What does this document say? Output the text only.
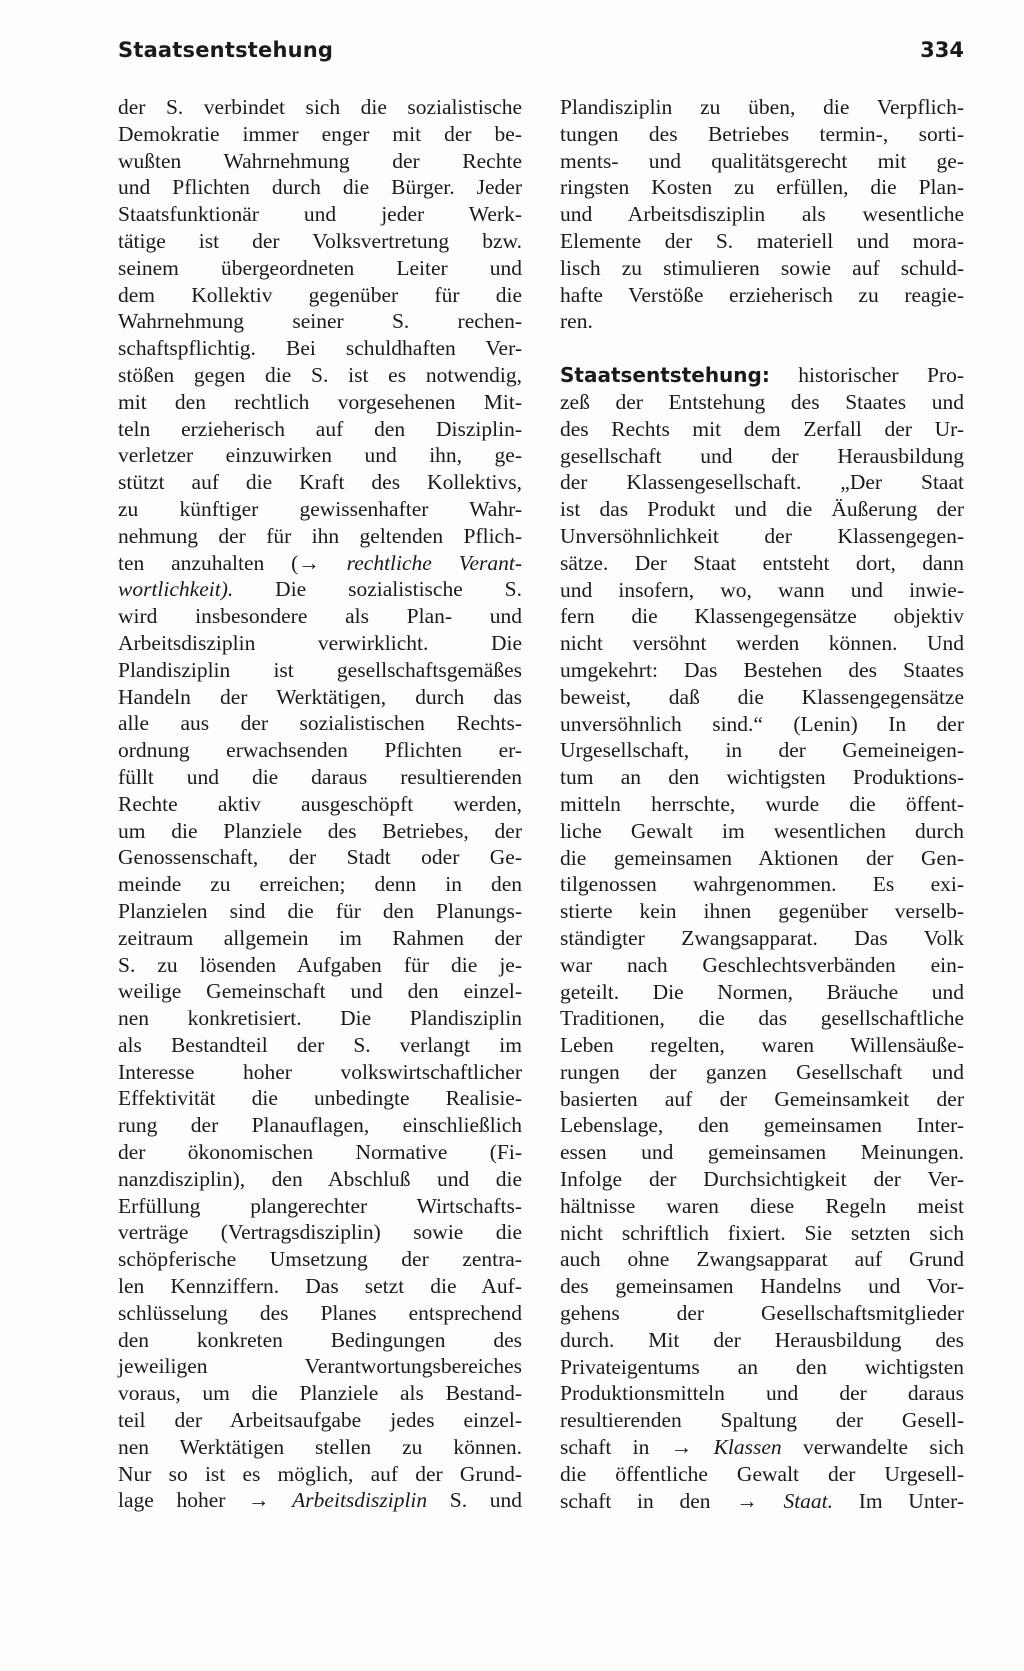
Staatsentstehung	334
der S. verbindet sich die sozialistische
Demokratie immer enger mit der be-
wußten Wahrnehmung der Rechte
und Pflichten durch die Bürger. Jeder
Staatsfunktionär und jeder Werk-
tätige ist der Volksvertretung bzw.
seinem übergeordneten Leiter und
dem Kollektiv gegenüber für die
Wahrnehmung seiner S. rechen-
schaftspflichtig. Bei schuldhaften Ver-
stößen gegen die S. ist es notwendig,
mit den rechtlich vorgesehenen Mit-
teln erzieherisch auf den Disziplin-
verletzer einzuwirken und ihn, ge-
stützt auf die Kraft des Kollektivs,
zu künftiger gewissenhafter Wahr-
nehmung der für ihn geltenden Pflich-
ten anzuhalten (→ rechtliche Verant-
wortlichkeit). Die sozialistische S.
wird insbesondere als Plan- und
Arbeitsdisziplin verwirklicht. Die
Plandisziplin ist gesellschaftsgemäßes
Handeln der Werktätigen, durch das
alle aus der sozialistischen Rechts-
ordnung erwachsenden Pflichten er-
füllt und die daraus resultierenden
Rechte aktiv ausgeschöpft werden,
um die Planziele des Betriebes, der
Genossenschaft, der Stadt oder Ge-
meinde zu erreichen; denn in den
Planzielen sind die für den Planungs-
zeitraum allgemein im Rahmen der
S. zu lösenden Aufgaben für die je-
weilige Gemeinschaft und den einzel-
nen konkretisiert. Die Plandisziplin
als Bestandteil der S. verlangt im
Interesse hoher volkswirtschaftlicher
Effektivität die unbedingte Realisie-
rung der Planauflagen, einschließlich
der ökonomischen Normative (Fi-
nanzdisziplin), den Abschluß und die
Erfüllung plangerechter Wirtschafts-
verträge (Vertragsdisziplin) sowie die
schöpferische Umsetzung der zentra-
len Kennziffern. Das setzt die Auf-
schlüsselung des Planes entsprechend
den konkreten Bedingungen des
jeweiligen Verantwortungsbereiches
voraus, um die Planziele als Bestand-
teil der Arbeitsaufgabe jedes einzel-
nen Werktätigen stellen zu können.
Nur so ist es möglich, auf der Grund-
lage hoher → Arbeitsdisziplin S. und
Plandisziplin zu üben, die Verpflich-
tungen des Betriebes termin-, sorti-
ments- und qualitätsgerecht mit ge-
ringsten Kosten zu erfüllen, die Plan-
und Arbeitsdisziplin als wesentliche
Elemente der S. materiell und mora-
lisch zu stimulieren sowie auf schuld-
hafte Verstöße erzieherisch zu reagie-
ren.
Staatsentstehung: historischer Pro-
zeß der Entstehung des Staates und
des Rechts mit dem Zerfall der Ur-
gesellschaft und der Herausbildung
der Klassengesellschaft. „Der Staat
ist das Produkt und die Äußerung der
Unversöhnlichkeit der Klassengegen-
sätze. Der Staat entsteht dort, dann
und insofern, wo, wann und inwie-
fern die Klassengegensätze objektiv
nicht versöhnt werden können. Und
umgekehrt: Das Bestehen des Staates
beweist, daß die Klassengegensätze
unversöhnlich sind.“ (Lenin) In der
Urgesellschaft, in der Gemeineigen-
tum an den wichtigsten Produktions-
mitteln herrschte, wurde die öffent-
liche Gewalt im wesentlichen durch
die gemeinsamen Aktionen der Gen-
tilgenossen wahrgenommen. Es exi-
stierte kein ihnen gegenüber verselb-
ständigter Zwangsapparat. Das Volk
war nach Geschlechtsverbänden ein-
geteilt. Die Normen, Bräuche und
Traditionen, die das gesellschaftliche
Leben regelten, waren Willensäuße-
rungen der ganzen Gesellschaft und
basierten auf der Gemeinsamkeit der
Lebenslage, den gemeinsamen Inter-
essen und gemeinsamen Meinungen.
Infolge der Durchsichtigkeit der Ver-
hältnisse waren diese Regeln meist
nicht schriftlich fixiert. Sie setzten sich
auch ohne Zwangsapparat auf Grund
des gemeinsamen Handelns und Vor-
gehens der Gesellschaftsmitglieder
durch. Mit der Herausbildung des
Privateigentums an den wichtigsten
Produktionsmitteln und der daraus
resultierenden Spaltung der Gesell-
schaft in → Klassen verwandelte sich
die öffentliche Gewalt der Urgesell-
schaft in den → Staat. Im Unter-
